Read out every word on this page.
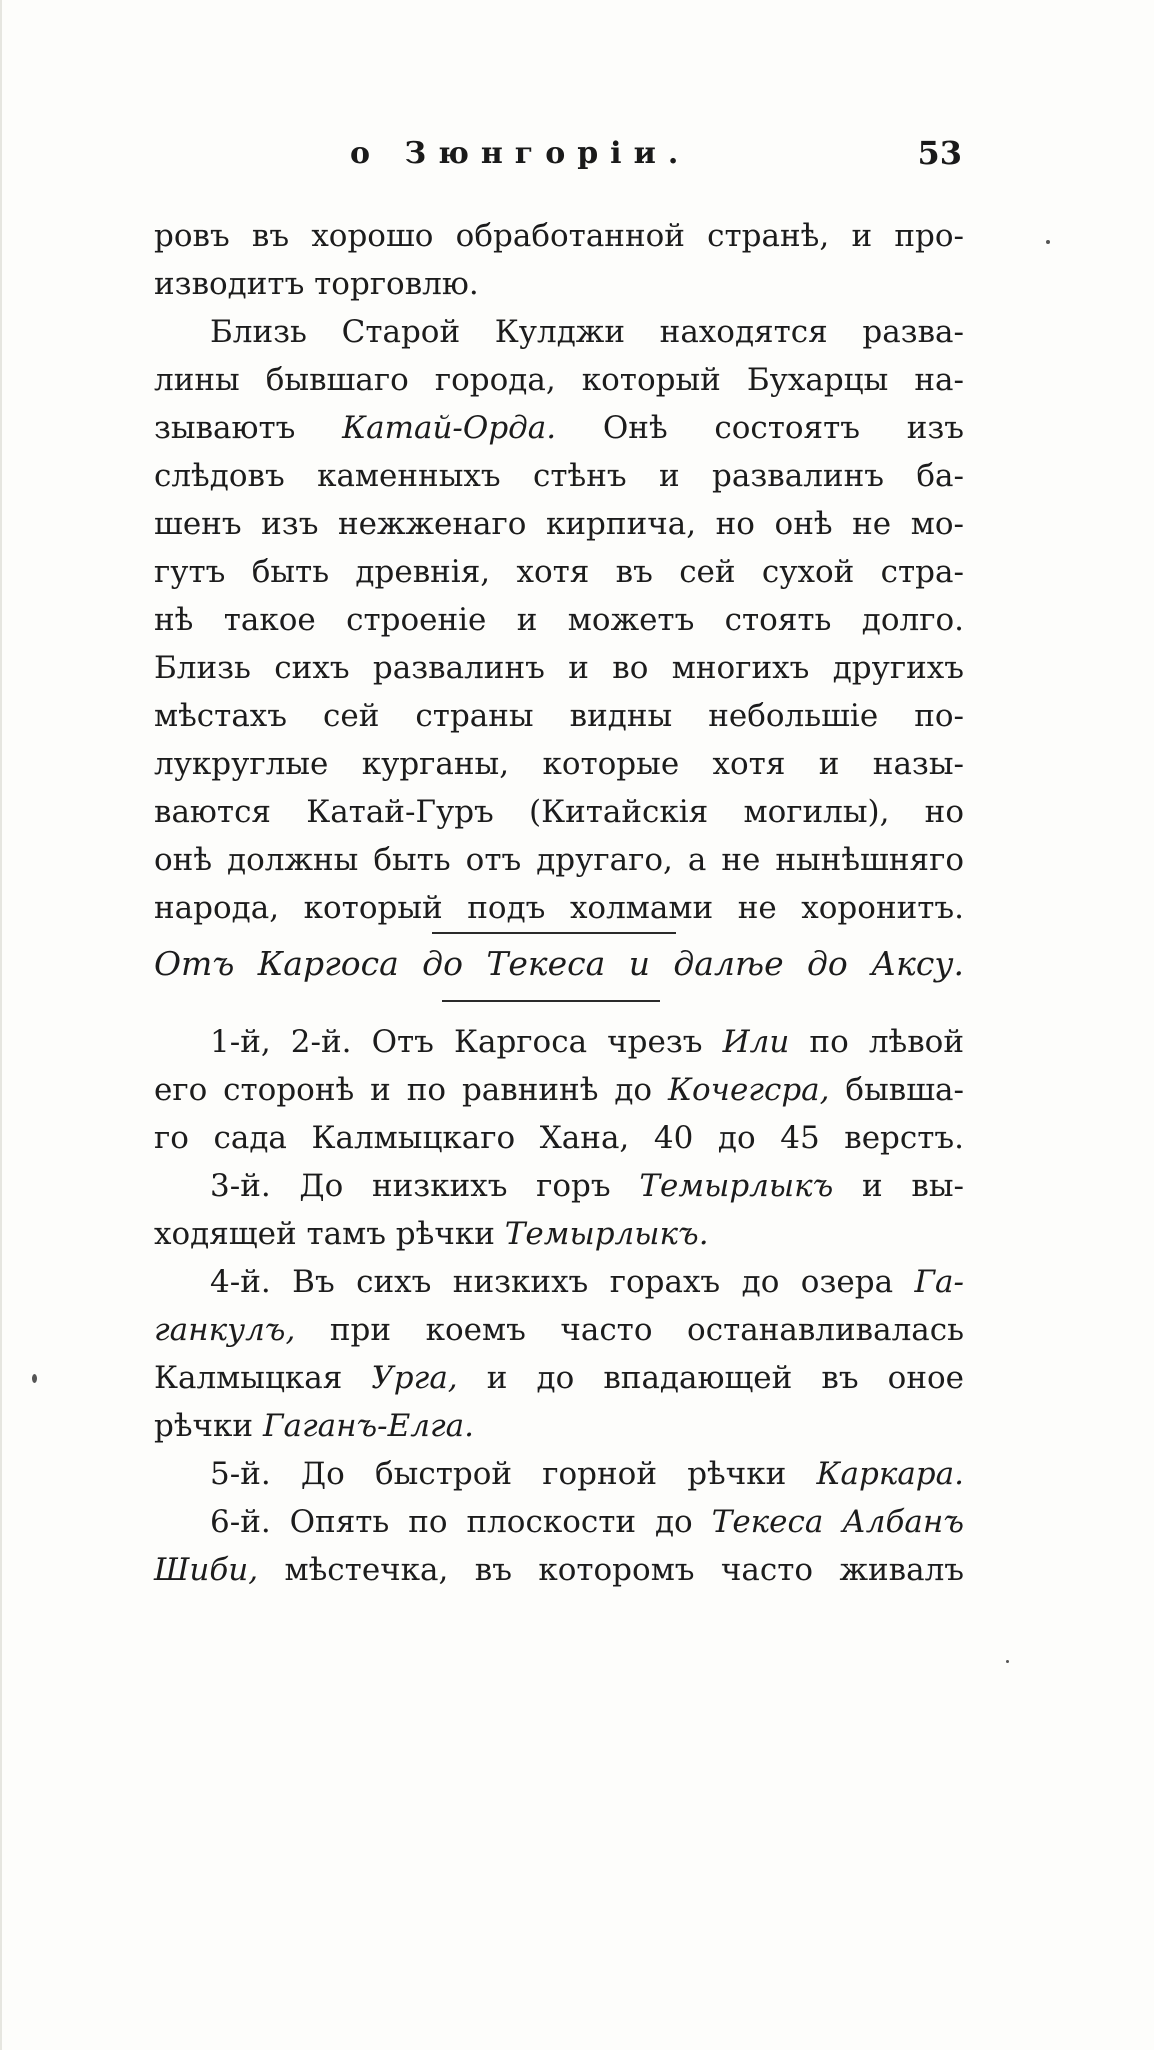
о Зюнгоріи.	53
ровъ въ хорошо обработанной странѣ, и про-
изводитъ торговлю.
Близь Старой Кулджи находятся разва-
лины бывшаго города, который Бухарцы на-
зываютъ Катай-Орда. Онѣ состоятъ изъ
слѣдовъ каменныхъ стѣнъ и развалинъ ба-
шенъ изъ нежженаго кирпича, но онѣ не мо-
гутъ быть древнія, хотя въ сей сухой стра-
нѣ такое строеніе и можетъ стоять долго.
Близь сихъ развалинъ и во многихъ другихъ
мѣстахъ сей страны видны небольшіе по-
лукруглые курганы, которые хотя и назы-
ваются Катай-Гуръ (Китайскія могилы), но
онѣ должны быть отъ другаго, а не нынѣшняго
народа, который подъ холмами не хоронитъ.
Отъ Каргоса до Текеса и далѣе до Аксу.
1-й, 2-й. Отъ Каргоса чрезъ Или по лѣвой
его сторонѣ и по равнинѣ до Кочегсра, бывша-
го сада Калмыцкаго Хана, 40 до 45 верстъ.
3-й. До низкихъ горъ Темырлыкъ и вы-
ходящей тамъ рѣчки Темырлыкъ.
4-й. Въ сихъ низкихъ горахъ до озера Га-
ганкулъ, при коемъ часто останавливалась
Калмыцкая Урга, и до впадающей въ оное
рѣчки Гаганъ-Елга.
5-й. До быстрой горной рѣчки Каркара.
6-й. Опять по плоскости до Текеса Албанъ
Шиби, мѣстечка, въ которомъ часто живалъ
